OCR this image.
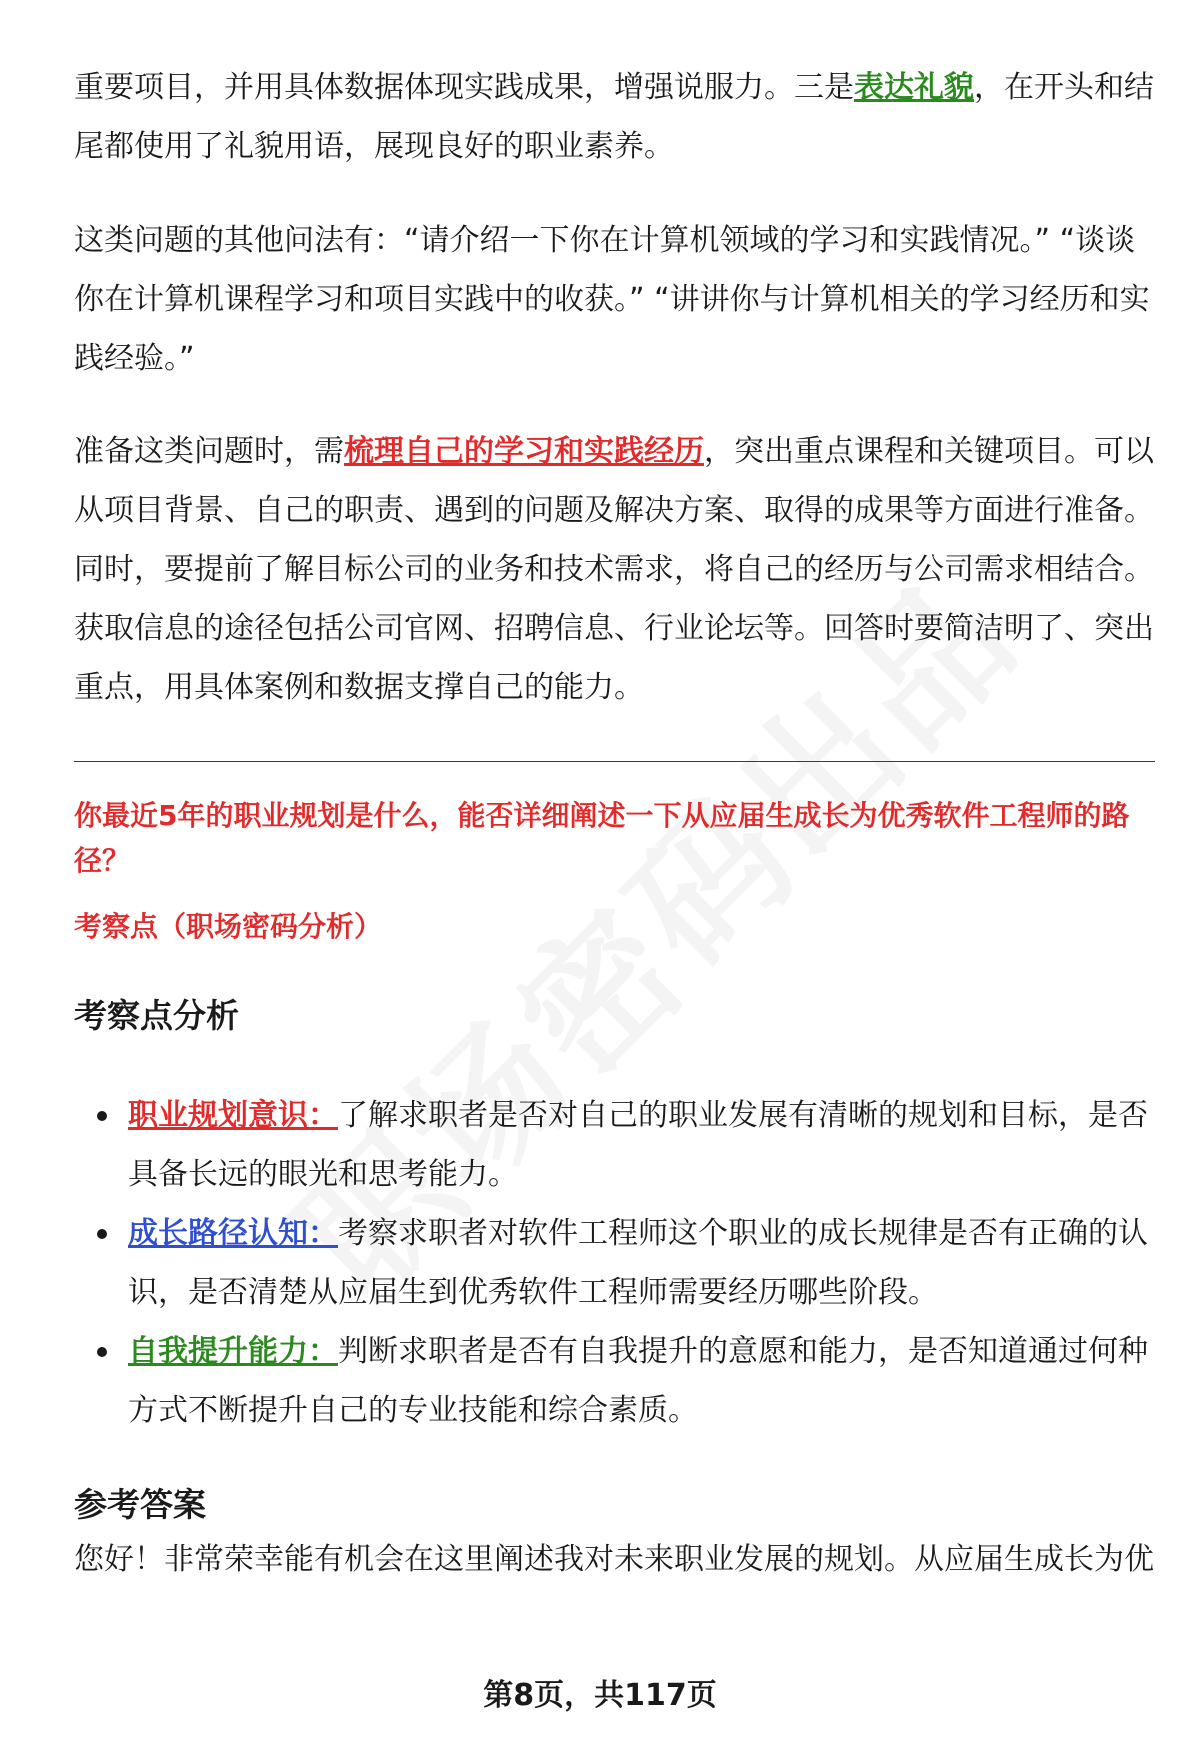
重要项目，并用具体数据体现实践成果，增强说服力。三是表达礼貌，在开头和结尾都使用了礼貌用语，展现良好的职业素养。

这类问题的其他问法有：“请介绍一下你在计算机领域的学习和实践情况。” “谈谈你在计算机课程学习和项目实践中的收获。” “讲讲你与计算机相关的学习经历和实践经验。”

准备这类问题时，需梳理自己的学习和实践经历，突出重点课程和关键项目。可以从项目背景、自己的职责、遇到的问题及解决方案、取得的成果等方面进行准备。同时，要提前了解目标公司的业务和技术需求，将自己的经历与公司需求相结合。获取信息的途径包括公司官网、招聘信息、行业论坛等。回答时要简洁明了、突出重点，用具体案例和数据支撑自己的能力。

你最近5年的职业规划是什么，能否详细阐述一下从应届生成长为优秀软件工程师的路径？

考察点（职场密码分析）

考察点分析
职业规划意识：了解求职者是否对自己的职业发展有清晰的规划和目标，是否具备长远的眼光和思考能力。
成长路径认知：考察求职者对软件工程师这个职业的成长规律是否有正确的认识，是否清楚从应届生到优秀软件工程师需要经历哪些阶段。
自我提升能力：判断求职者是否有自我提升的意愿和能力，是否知道通过何种方式不断提升自己的专业技能和综合素质。
参考答案

您好！非常荣幸能有机会在这里阐述我对未来职业发展的规划。从应届生成长为优

第8页，共117页
